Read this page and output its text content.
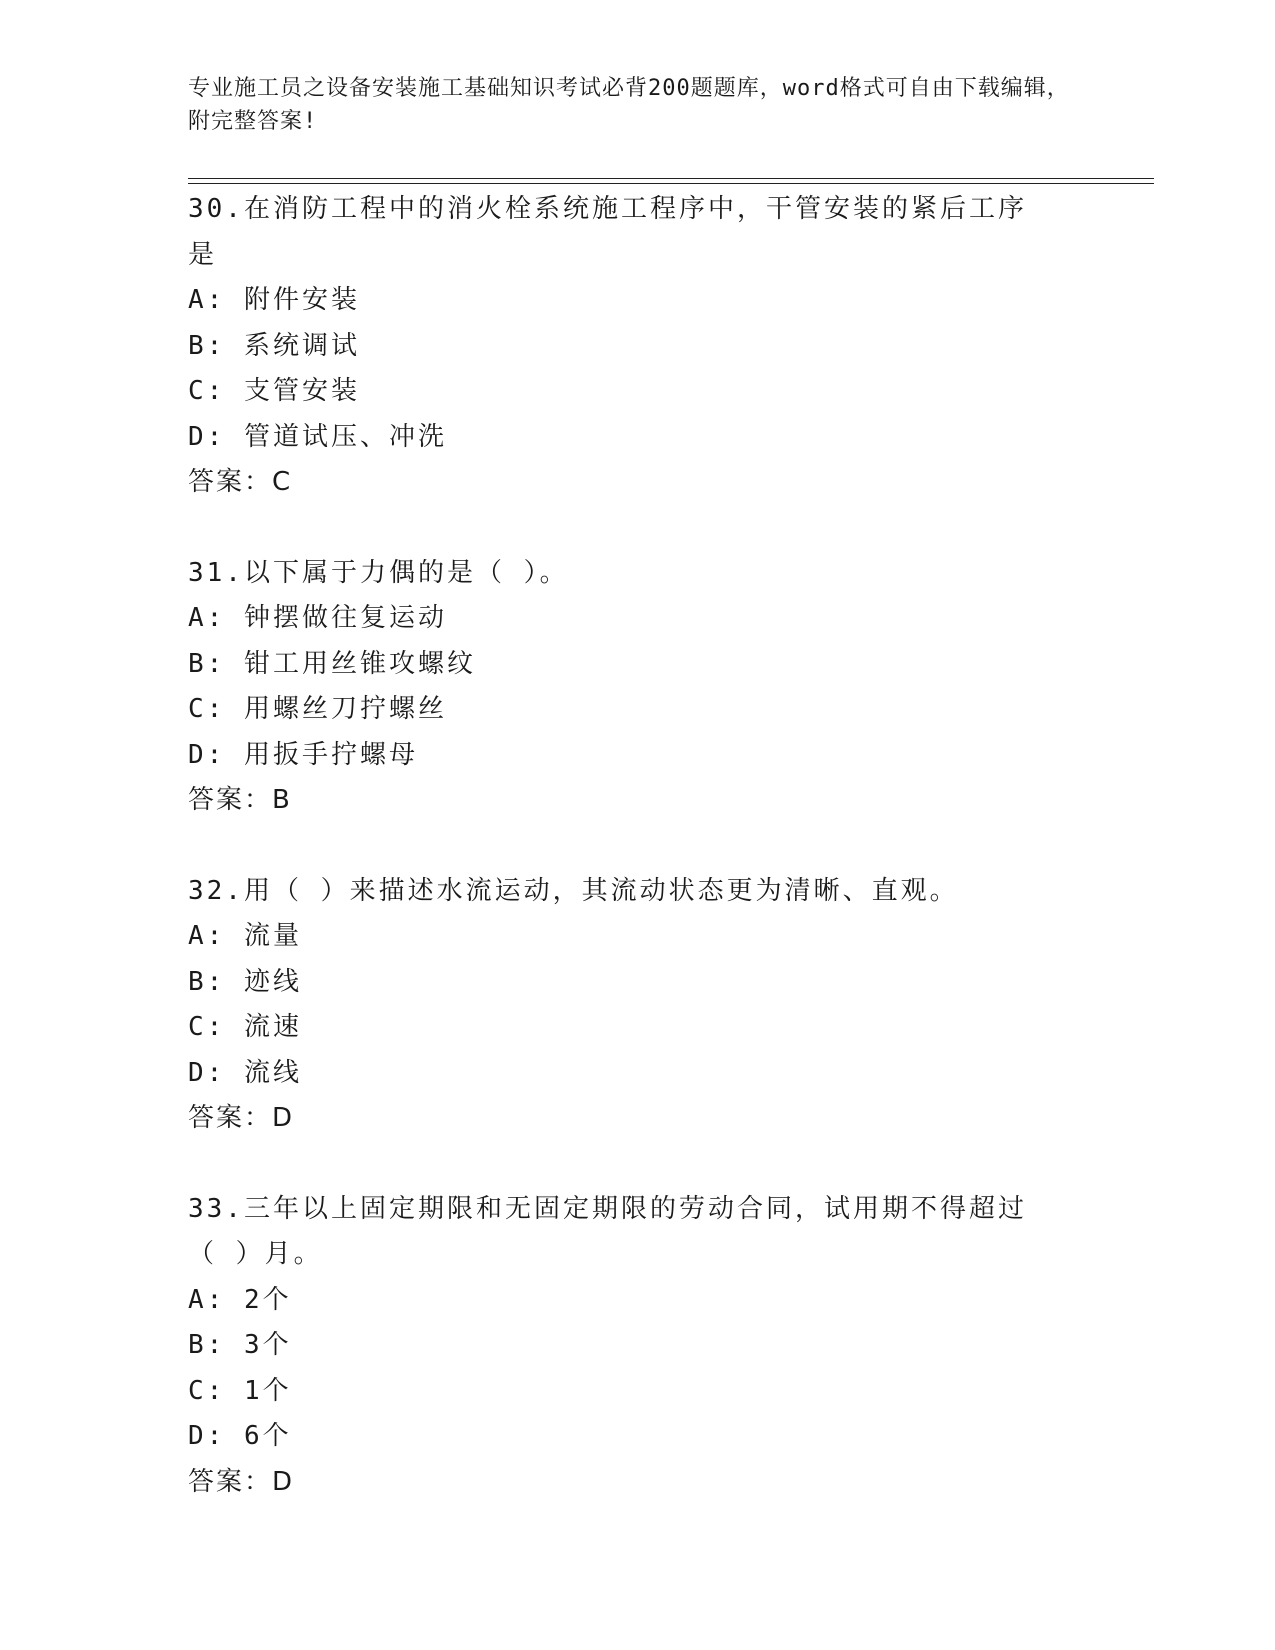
专业施工员之设备安装施工基础知识考试必背200题题库，word格式可自由下载编辑，附完整答案!
30.在消防工程中的消火栓系统施工程序中，干管安装的紧后工序是
A: 附件安装
B: 系统调试
C: 支管安装
D: 管道试压、冲洗
答案：C
31.以下属于力偶的是（ ）。
A: 钟摆做往复运动
B: 钳工用丝锥攻螺纹
C: 用螺丝刀拧螺丝
D: 用扳手拧螺母
答案：B
32.用（ ）来描述水流运动，其流动状态更为清晰、直观。
A: 流量
B: 迹线
C: 流速
D: 流线
答案：D
33.三年以上固定期限和无固定期限的劳动合同，试用期不得超过（ ）月。
A: 2个
B: 3个
C: 1个
D: 6个
答案：D
